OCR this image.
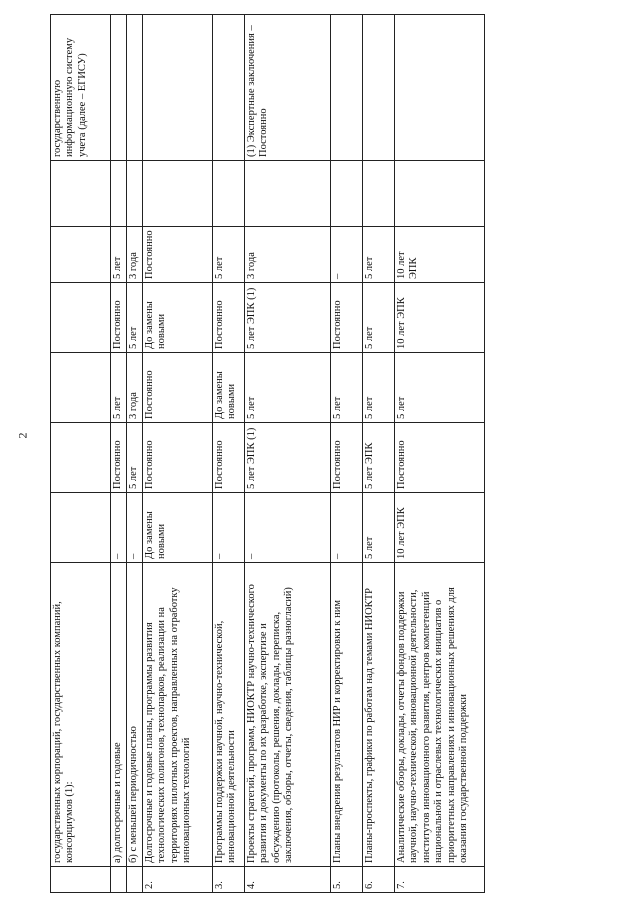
2
	государственных корпораций, государственных компаний, консорциумов (1):							государственную информационную систему учета (далее – ЕГИСУ)
	а) долгосрочные и годовые	–	Постоянно	5 лет	Постоянно	5 лет		
	б) с меньшей периодичностью	–	5 лет	3 года	5 лет	3 года		
2.	Долгосрочные и годовые планы, программы развития технологических полигонов, технопарков, реализации на территориях пилотных проектов, направленных на отработку инновационных технологий	До замены новыми	Постоянно	Постоянно	До замены новыми	Постоянно		
3.	Программы поддержки научной, научно-технической, инновационной деятельности	–	Постоянно	До замены новыми	Постоянно	5 лет		
4.	Проекты стратегий, программ, НИОКТР научно-технического развития и документы по их разработке, экспертизе и обсуждению (протоколы, решения, доклады, переписка, заключения, обзоры, отчеты, сведения, таблицы разногласий)	–	5 лет ЭПК (1)	5 лет	5 лет ЭПК (1)	3 года		(1) Экспертные заключения – Постоянно
5.	Планы внедрения результатов НИР и корректировки к ним	–	Постоянно	5 лет	Постоянно	–		
6.	Планы-проспекты, графики по работам над темами НИОКТР	5 лет	5 лет ЭПК	5 лет	5 лет	5 лет		
7.	Аналитические обзоры, доклады, отчеты фондов поддержки научной, научно-технической, инновационной деятельности, институтов инновационного развития, центров компетенций национальной и отраслевых технологических инициатив о приоритетных направлениях и инновационных решениях для оказания государственной поддержки	10 лет ЭПК	Постоянно	5 лет	10 лет ЭПК	10 лет ЭПК		
